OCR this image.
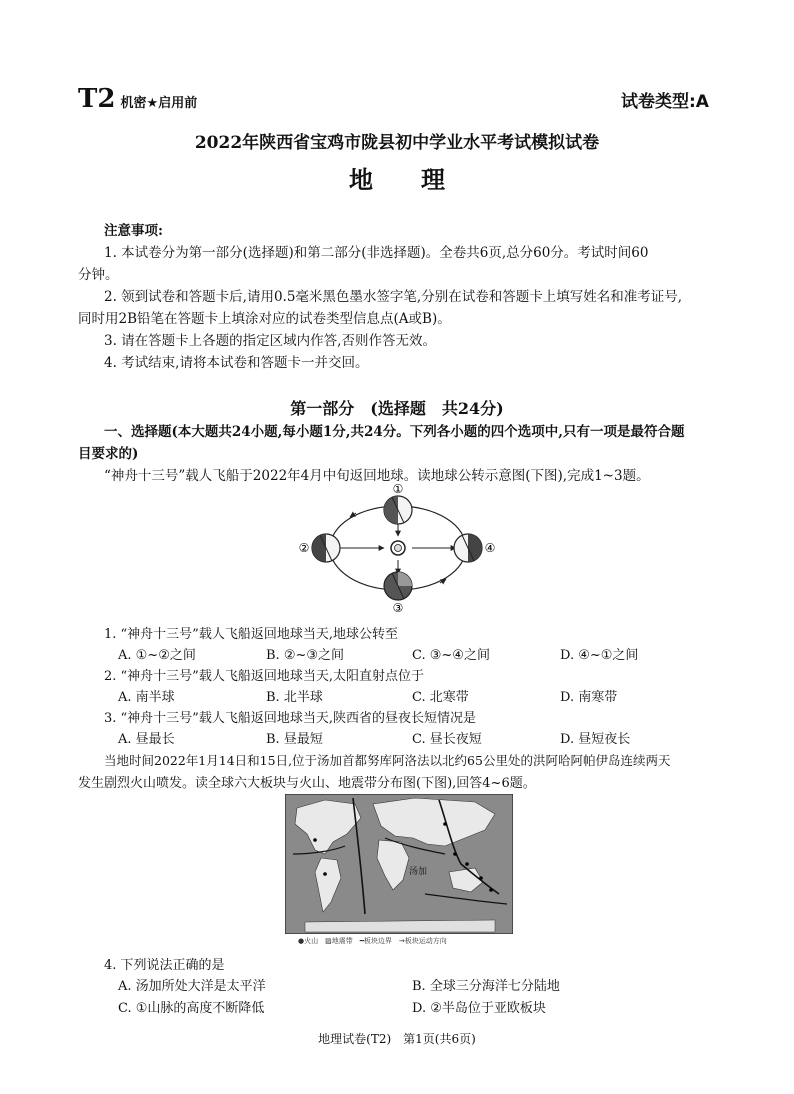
T2 机密★启用前	试卷类型:A
2022年陕西省宝鸡市陇县初中学业水平考试模拟试卷
地　　理
注意事项:
1. 本试卷分为第一部分(选择题)和第二部分(非选择题)。全卷共6页,总分60分。考试时间60
分钟。
2. 领到试卷和答题卡后,请用0.5毫米黑色墨水签字笔,分别在试卷和答题卡上填写姓名和准考证号,
同时用2B铅笔在答题卡上填涂对应的试卷类型信息点(A或B)。
3. 请在答题卡上各题的指定区域内作答,否则作答无效。
4. 考试结束,请将本试卷和答题卡一并交回。
第一部分　(选择题　共24分)
一、选择题(本大题共24小题,每小题1分,共24分。下列各小题的四个选项中,只有一项是最符合题
目要求的)
“神舟十三号”载人飞船于2022年4月中旬返回地球。读地球公转示意图(下图),完成1~3题。
①
②	④
③
1. “神舟十三号”载人飞船返回地球当天,地球公转至
A. ①~②之间	B. ②~③之间	C. ③~④之间	D. ④~①之间
2. “神舟十三号”载人飞船返回地球当天,太阳直射点位于
A. 南半球	B. 北半球	C. 北寒带	D. 南寒带
3. “神舟十三号”载人飞船返回地球当天,陕西省的昼夜长短情况是
A. 昼最长	B. 昼最短	C. 昼长夜短	D. 昼短夜长
当地时间2022年1月14日和15日,位于汤加首都努库阿洛法以北约65公里处的洪阿哈阿帕伊岛连续两天
发生剧烈火山喷发。读全球六大板块与火山、地震带分布图(下图),回答4~6题。
汤加
●火山　▨地震带　━板块边界　→板块运动方向
4. 下列说法正确的是
A. 汤加所处大洋是太平洋	B. 全球三分海洋七分陆地
C. ①山脉的高度不断降低	D. ②半岛位于亚欧板块
地理试卷(T2)　第1页(共6页)
